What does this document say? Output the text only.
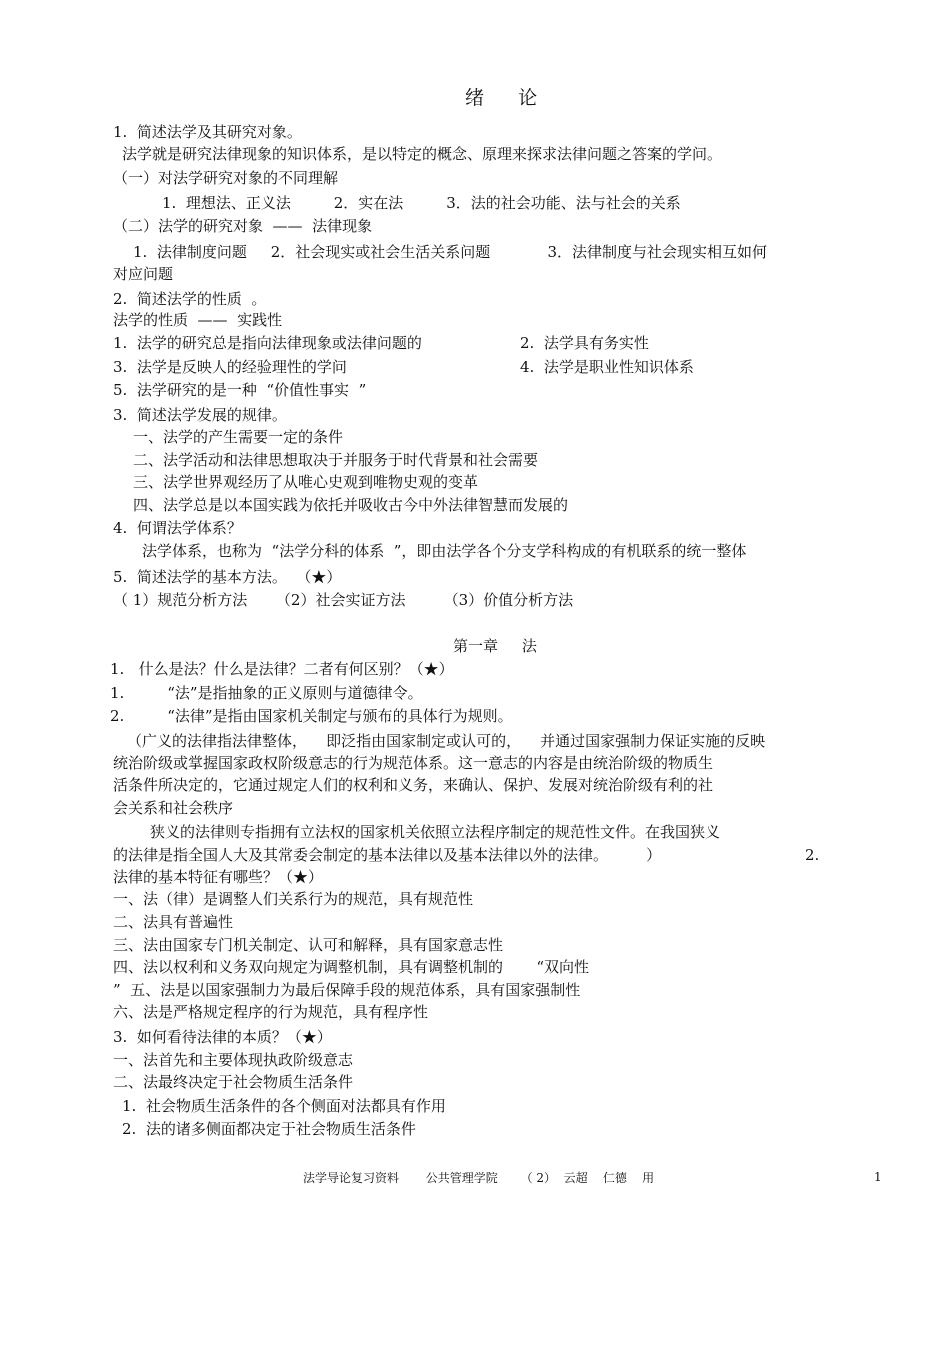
绪    论
1.  简述法学及其研究对象。
法学就是研究法律现象的知识体系，是以特定的概念、原理来探求法律问题之答案的学问。
（一）对法学研究对象的不同理解
1.  理想法、正义法         2．实在法         3．法的社会功能、法与社会的关系
（二）法学的研究对象  ——  法律现象
1.  法律制度问题     2．社会现实或社会生活关系问题            3．法律制度与社会现实相互如何
对应问题
2.  简述法学的性质  。
法学的性质  ——  实践性
1.  法学的研究总是指向法律现象或法律问题的	2.  法学具有务实性
3.  法学是反映人的经验理性的学问	4.  法学是职业性知识体系
5.  法学研究的是一种  “价值性事实  ”
3.  简述法学发展的规律。
一、法学的产生需要一定的条件
二、法学活动和法律思想取决于并服务于时代背景和社会需要
三、法学世界观经历了从唯心史观到唯物史观的变革
四、法学总是以本国实践为依托并吸收古今中外法律智慧而发展的
4.  何谓法学体系？
法学体系，也称为  “法学分科的体系  ”，即由法学各个分支学科构成的有机联系的统一整体
5.  简述法学的基本方法。  （★）
（ 1）规范分析方法      （2）社会实证方法        （3）价值分析方法
第一章     法
1.   什么是法？什么是法律？二者有何区别？（★）
1.         “法”是指抽象的正义原则与道德律令。
2.         “法律”是指由国家机关制定与颁布的具体行为规则。
（广义的法律指法律整体，    即泛指由国家制定或认可的，    并通过国家强制力保证实施的反映
统治阶级或掌握国家政权阶级意志的行为规范体系。这一意志的内容是由统治阶级的物质生
活条件所决定的，它通过规定人们的权利和义务，来确认、保护、发展对统治阶级有利的社
会关系和社会秩序
狭义的法律则专指拥有立法权的国家机关依照立法程序制定的规范性文件。在我国狭义
的法律是指全国人大及其常委会制定的基本法律以及基本法律以外的法律。        ）	2.
法律的基本特征有哪些？（★）
一、法（律）是调整人们关系行为的规范，具有规范性
二、法具有普遍性
三、法由国家专门机关制定、认可和解释，具有国家意志性
四、法以权利和义务双向规定为调整机制，具有调整机制的       “双向性
”  五、法是以国家强制力为最后保障手段的规范体系，具有国家强制性
六、法是严格规定程序的行为规范，具有程序性
3.  如何看待法律的本质？（★）
一、法首先和主要体现执政阶级意志
二、法最终决定于社会物质生活条件
1.  社会物质生活条件的各个侧面对法都具有作用
2.  法的诸多侧面都决定于社会物质生活条件
法学导论复习资料       公共管理学院      （ 2）  云超    仁德    用	1
